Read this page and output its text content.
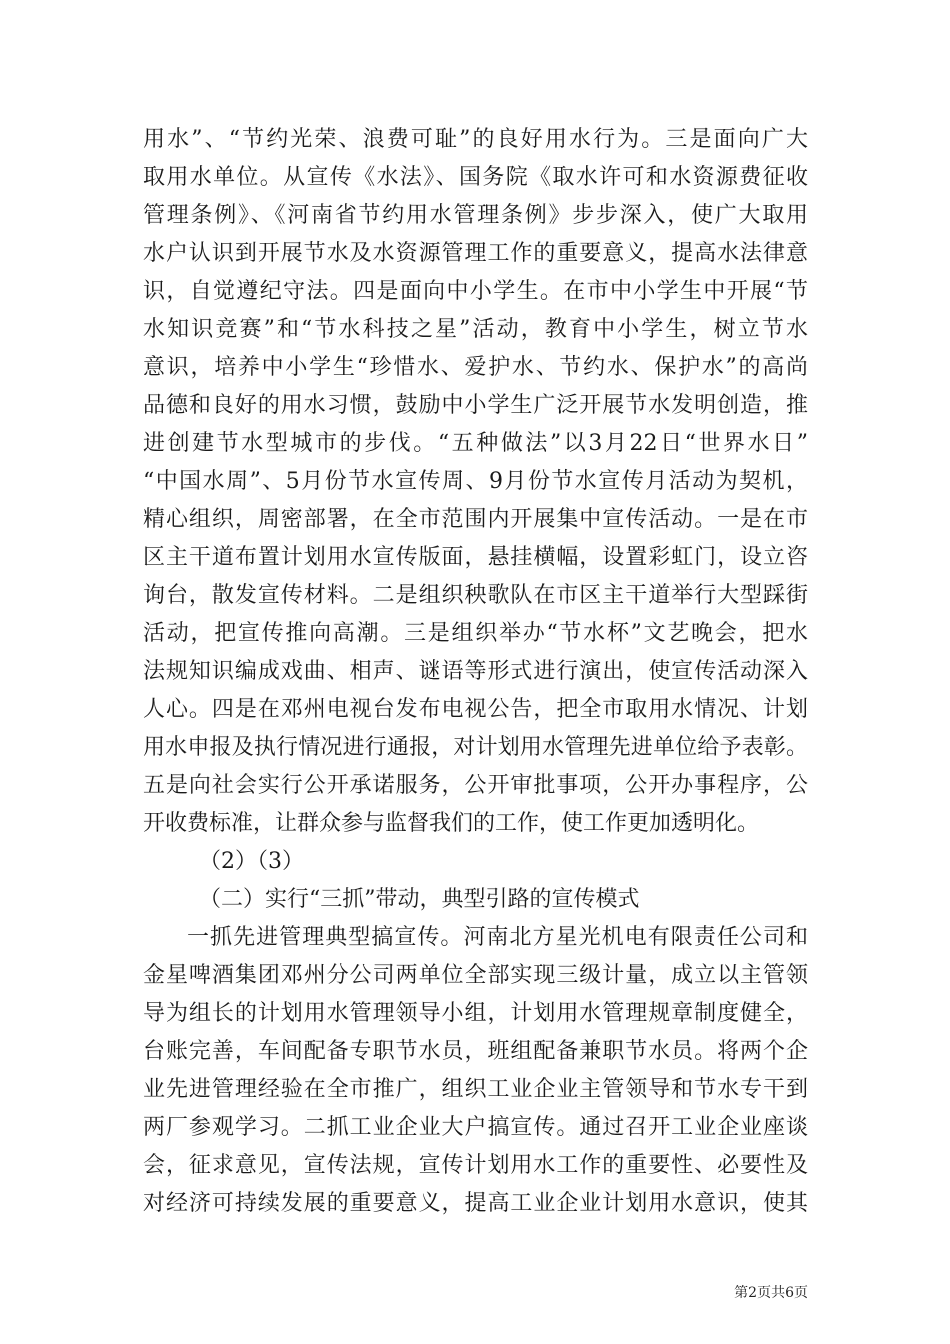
用水”、“节约光荣、浪费可耻”的良好用水行为。三是面向广大
取用水单位。从宣传《水法》、国务院《取水许可和水资源费征收
管理条例》、《河南省节约用水管理条例》步步深入，使广大取用
水户认识到开展节水及水资源管理工作的重要意义，提高水法律意
识，自觉遵纪守法。四是面向中小学生。在市中小学生中开展“节
水知识竞赛”和“节水科技之星”活动，教育中小学生，树立节水
意识，培养中小学生“珍惜水、爱护水、节约水、保护水”的高尚
品德和良好的用水习惯，鼓励中小学生广泛开展节水发明创造，推
进创建节水型城市的步伐。“五种做法”以3月22日“世界水日”
“中国水周”、5月份节水宣传周、9月份节水宣传月活动为契机，
精心组织，周密部署，在全市范围内开展集中宣传活动。一是在市
区主干道布置计划用水宣传版面，悬挂横幅，设置彩虹门，设立咨
询台，散发宣传材料。二是组织秧歌队在市区主干道举行大型踩街
活动，把宣传推向高潮。三是组织举办“节水杯”文艺晚会，把水
法规知识编成戏曲、相声、谜语等形式进行演出，使宣传活动深入
人心。四是在邓州电视台发布电视公告，把全市取用水情况、计划
用水申报及执行情况进行通报，对计划用水管理先进单位给予表彰。
五是向社会实行公开承诺服务，公开审批事项，公开办事程序，公
开收费标准，让群众参与监督我们的工作，使工作更加透明化。
（2）（3）
（二）实行“三抓”带动，典型引路的宣传模式
一抓先进管理典型搞宣传。河南北方星光机电有限责任公司和
金星啤酒集团邓州分公司两单位全部实现三级计量，成立以主管领
导为组长的计划用水管理领导小组，计划用水管理规章制度健全，
台账完善，车间配备专职节水员，班组配备兼职节水员。将两个企
业先进管理经验在全市推广，组织工业企业主管领导和节水专干到
两厂参观学习。二抓工业企业大户搞宣传。通过召开工业企业座谈
会，征求意见，宣传法规，宣传计划用水工作的重要性、必要性及
对经济可持续发展的重要意义，提高工业企业计划用水意识，使其
第2页共6页
